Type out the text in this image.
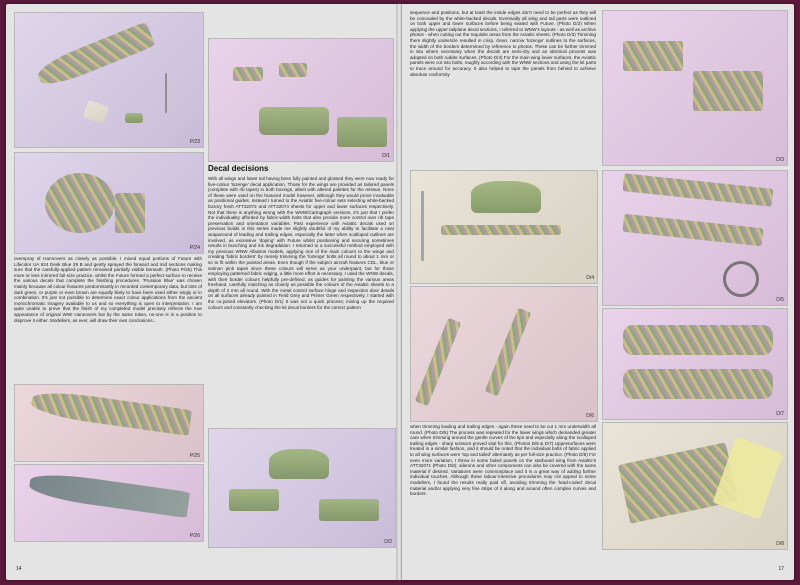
P/23
D/1
P/24
Decal decisions
overspray of Hannovers as closely as possible, I mixed equal portions of Future with Lifecolor UA 624 Desk Blue 29 B and gently sprayed the forward and mid sections making sure that the carefully-applied pattern remained partially visible beneath. (Photo P/26) This more or less mirrored full-size practice, whilst the Future formed a perfect surface to receive the various decals that complete the finishing procedures. 'Prussian Blue' was chosen mainly because all colour features predominantly in recorded contemporary data, but tints of dark green, or purple or even brown are equally likely to have been used either singly or in combination. It's just not possible to determine exact colour applications from the ancient monochromatic imagery available to us and so everything is open to interpretation. I am quite unable to prove that the finish of my completed model precisely reflects the true appearance of original WWI Hannovers but by the same token, no-one is in a position to disprove it either. Modellers, as ever, will draw their own conclusions...
With all wings and lower tail having been fully painted and glossed they were now ready for five-colour 'lozenge' decal application. Those for the wings are provided as tailored panels (complete with rib tapes) in both boxings, albeit with altered palettes for the reissue. None of these were used on the featured model however, although they would prove invaluable as positional guides. Instead I turned to the Aviattic five-colour sets selecting white-backed factory fresh ATT32072 and ATT32074 sheets for upper and lower surfaces respectively. Not that there is anything wrong with the WNW/Cartograph versions, it's just that I prefer the individuality afforded by fabric-width bolts that also provide more control over rib tape preservation and orientation variables. Past experience with Aviattic decals used on previous builds in this series made me slightly doubtful of my ability to facilitate a neat wraparound of leading and trailing edges, especially the latter when scalloped outlines are involved, as excessive 'doping' with Future whilst positioning and securing sometimes results in bunching and ink degradation. I returned to a successful method employed with my previous WNW Albatros models, applying one of the main colours to the wings and creating 'fabric borders' by merely trimming the 'lozenge' bolts all round to about 1 mm or so to fit within the painted areas. Even though if the subject aircraft features CDL, blue or salmon pink tapes since these colours will serve as your underpaint, but for those employing patterned fabric edging, a little more effort is necessary. I used the WNW decals, with their border colours helpfully pre-defined, as guides for painting the various areas freehand, carefully matching as closely as possible the colours of the Aviattic sheets to a depth of 2 mm all round. With the metal control surface hinge and inspection door details on all surfaces already painted in Field Grey and Primer Green respectively, I started with the co-joined elevators. (Photo D/1) It was not a quick process; mixing up the required colours and constantly checking the kit decal borders for the correct pattern
P/25
P/26
D/2
14
sequence and positions, but at least the inside edges don't need to be perfect as they will be concealed by the white-backed decals. Eventually all wing and tail parts were outlined on both upper and lower surfaces before being sealed with Future. (Photo D/2) When applying the upper tailplane decal sections, I referred to WNW's layouts - as well as archive photos - when cutting out the requisite areas from the Aviattic sheets. (Photo D/3) Trimming them slightly undersize resulted in crisp, clean, narrow 'lozenge' outlines to the surfaces, the width of the borders determined by reference to photos. These can be further trimmed in situ where necessary when the decals are semi-dry and an identical process was adopted on both rudder surfaces. (Photo D/4) For the main wing lower surfaces, the Aviattic panels were cut into bolts, roughly according with the WNW sections and using the kit parts to trace around for accuracy. It also helped to tape the panels from behind to achieve absolute conformity
D/3
D/4
D/5
D/6	D/7
when trimming leading and trailing edges - again these need to be cut 1 mm underwidth all round. (Photo D/5) The process was repeated for the lower wings which demanded greater care when trimming around the gentle curves of the tips and especially along the scalloped trailing edges - sharp scissors proved vital for this. (Photos D/6 & D/7) Uppersurfaces were treated in a similar fashion, and it should be noted that the individual bolts of fabric applied to all wing surfaces were 'top and tailed' alternately as per full-size practice. (Photo D/8) For even more variation, I threw in some faded panels on the starboard wing from Aviattic's ATT32071 (Photo D/8); ailerons and other components can also be covered with the same material if desired. Variations were commonplace and it is a great way of adding further individual touches. Although these labour-intensive procedures may not appeal to some modellers, I found the results really paid off, avoiding trimming the 'lead-coded' decal material and/or applying very fine strips of it along and around often complex curves and borders.
D/8
17
